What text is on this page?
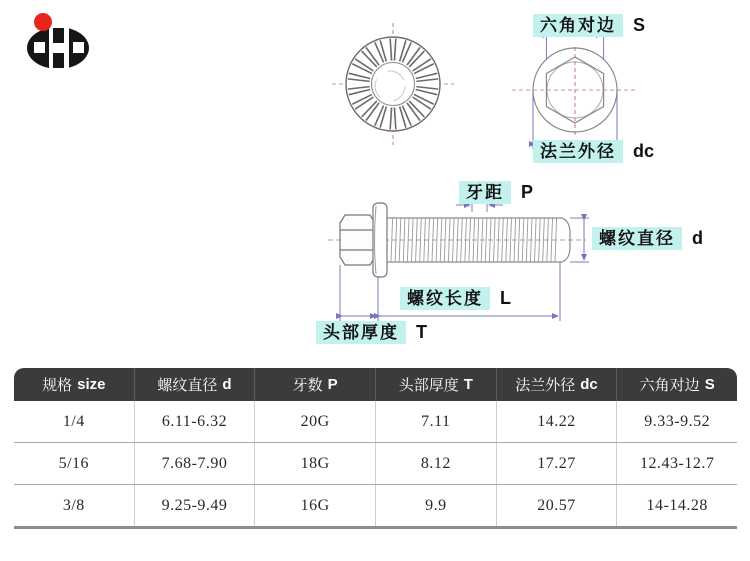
六角对边 S
法兰外径 dc
牙距 P
螺纹直径 d
螺纹长度 L
头部厚度 T
规格 size	螺纹直径 d	牙数 P	头部厚度 T	法兰外径 dc	六角对边 S
1/4	6.11-6.32	20G	7.11	14.22	9.33-9.52
5/16	7.68-7.90	18G	8.12	17.27	12.43-12.7
3/8	9.25-9.49	16G	9.9	20.57	14-14.28
